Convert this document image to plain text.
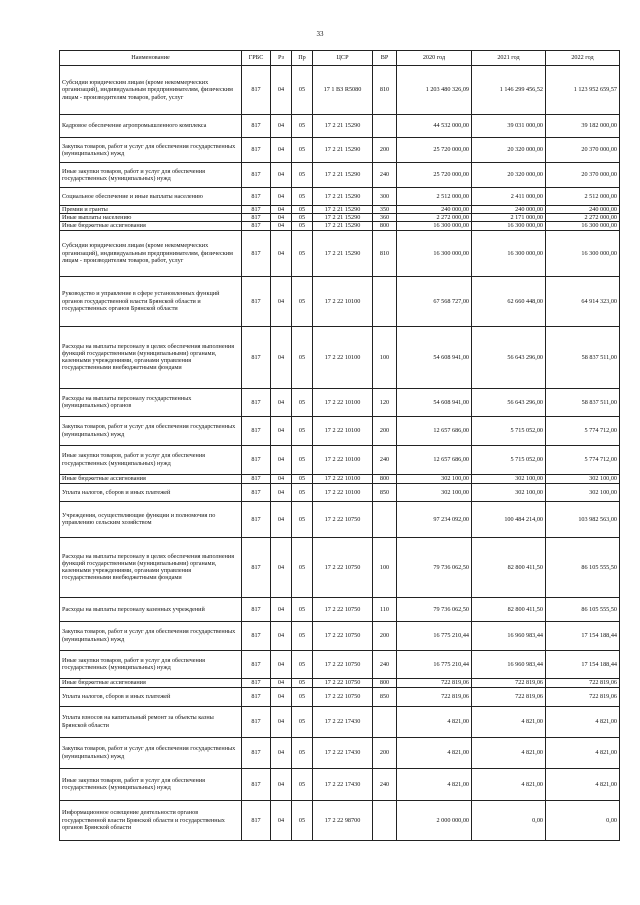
33
Наименование	ГРБС	Рз	Пр	ЦСР	ВР	2020 год	2021 год	2022 год
Субсидии юридическим лицам (кроме некоммерческих организаций), индивидуальным предпринимателям, физическим лицам - производителям товаров, работ, услуг	817	04	05	17 1 ВЗ R5080	810	1 203 480 326,09	1 146 299 456,52	1 123 952 659,57
Кадровое обеспечение агропромышленного комплекса	817	04	05	17 2 21 15290		44 532 000,00	39 031 000,00	39 182 000,00
Закупка товаров, работ и услуг для обеспечения государственных (муниципальных) нужд	817	04	05	17 2 21 15290	200	25 720 000,00	20 320 000,00	20 370 000,00
Иные закупки товаров, работ и услуг для обеспечения государственных (муниципальных) нужд	817	04	05	17 2 21 15290	240	25 720 000,00	20 320 000,00	20 370 000,00
Социальное обеспечение и иные выплаты населению	817	04	05	17 2 21 15290	300	2 512 000,00	2 411 000,00	2 512 000,00
Премии и гранты	817	04	05	17 2 21 15290	350	240 000,00	240 000,00	240 000,00
Иные выплаты населению	817	04	05	17 2 21 15290	360	2 272 000,00	2 171 000,00	2 272 000,00
Иные бюджетные ассигнования	817	04	05	17 2 21 15290	800	16 300 000,00	16 300 000,00	16 300 000,00
Субсидии юридическим лицам (кроме некоммерческих организаций), индивидуальным предпринимателям, физическим лицам - производителям товаров, работ, услуг	817	04	05	17 2 21 15290	810	16 300 000,00	16 300 000,00	16 300 000,00
Руководство и управление в сфере установленных функций органов государственной власти Брянской области и государственных органов Брянской области	817	04	05	17 2 22 10100		67 568 727,00	62 660 448,00	64 914 323,00
Расходы на выплаты персоналу в целях обеспечения выполнения функций государственными (муниципальными) органами, казенными учреждениями, органами управления государственными внебюджетными фондами	817	04	05	17 2 22 10100	100	54 608 941,00	56 643 296,00	58 837 511,00
Расходы на выплаты персоналу государственных (муниципальных) органов	817	04	05	17 2 22 10100	120	54 608 941,00	56 643 296,00	58 837 511,00
Закупка товаров, работ и услуг для обеспечения государственных (муниципальных) нужд	817	04	05	17 2 22 10100	200	12 657 686,00	5 715 052,00	5 774 712,00
Иные закупки товаров, работ и услуг для обеспечения государственных (муниципальных) нужд	817	04	05	17 2 22 10100	240	12 657 686,00	5 715 052,00	5 774 712,00
Иные бюджетные ассигнования	817	04	05	17 2 22 10100	800	302 100,00	302 100,00	302 100,00
Уплата налогов, сборов и иных платежей	817	04	05	17 2 22 10100	850	302 100,00	302 100,00	302 100,00
Учреждения, осуществляющие функции и полномочия по управлению сельским хозяйством	817	04	05	17 2 22 10750		97 234 092,00	100 484 214,00	103 982 563,00
Расходы на выплаты персоналу в целях обеспечения выполнения функций государственными (муниципальными) органами, казенными учреждениями, органами управления государственными внебюджетными фондами	817	04	05	17 2 22 10750	100	79 736 062,50	82 800 411,50	86 105 555,50
Расходы на выплаты персоналу казенных учреждений	817	04	05	17 2 22 10750	110	79 736 062,50	82 800 411,50	86 105 555,50
Закупка товаров, работ и услуг для обеспечения государственных (муниципальных) нужд	817	04	05	17 2 22 10750	200	16 775 210,44	16 960 983,44	17 154 188,44
Иные закупки товаров, работ и услуг для обеспечения государственных (муниципальных) нужд	817	04	05	17 2 22 10750	240	16 775 210,44	16 960 983,44	17 154 188,44
Иные бюджетные ассигнования	817	04	05	17 2 22 10750	800	722 819,06	722 819,06	722 819,06
Уплата налогов, сборов и иных платежей	817	04	05	17 2 22 10750	850	722 819,06	722 819,06	722 819,06
Уплата взносов на капитальный ремонт за объекты казны Брянской области	817	04	05	17 2 22 17430		4 821,00	4 821,00	4 821,00
Закупка товаров, работ и услуг для обеспечения государственных (муниципальных) нужд	817	04	05	17 2 22 17430	200	4 821,00	4 821,00	4 821,00
Иные закупки товаров, работ и услуг для обеспечения государственных (муниципальных) нужд	817	04	05	17 2 22 17430	240	4 821,00	4 821,00	4 821,00
Информационное освещение деятельности органов государственной власти Брянской области и государственных органов Брянской области	817	04	05	17 2 22 98700		2 000 000,00	0,00	0,00
